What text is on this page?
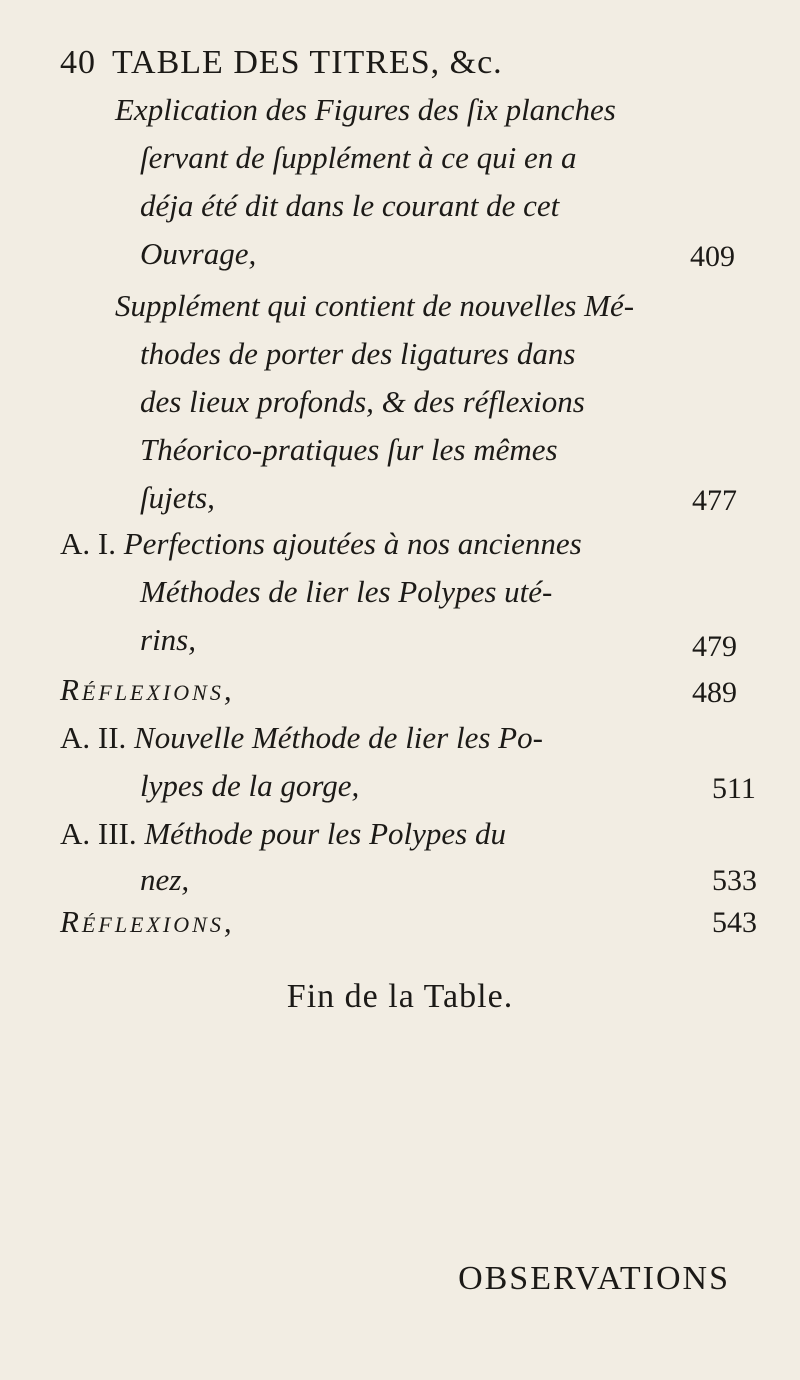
40 TABLE DES TITRES, &c.
Explication des Figures des ſix planches
ſervant de ſupplément à ce qui en a
déja été dit dans le courant de cet
Ouvrage,	409
Supplément qui contient de nouvelles Mé-
thodes de porter des ligatures dans
des lieux profonds, & des réflexions
Théorico-pratiques ſur les mêmes
ſujets,	477
A. I. Perfections ajoutées à nos anciennes
Méthodes de lier les Polypes uté-
rins,	479
Réflexions,	489
A. II. Nouvelle Méthode de lier les Po-
lypes de la gorge,	511
A. III. Méthode pour les Polypes du
nez,	533
Réflexions,	543
Fin de la Table.
OBSERVATIONS
